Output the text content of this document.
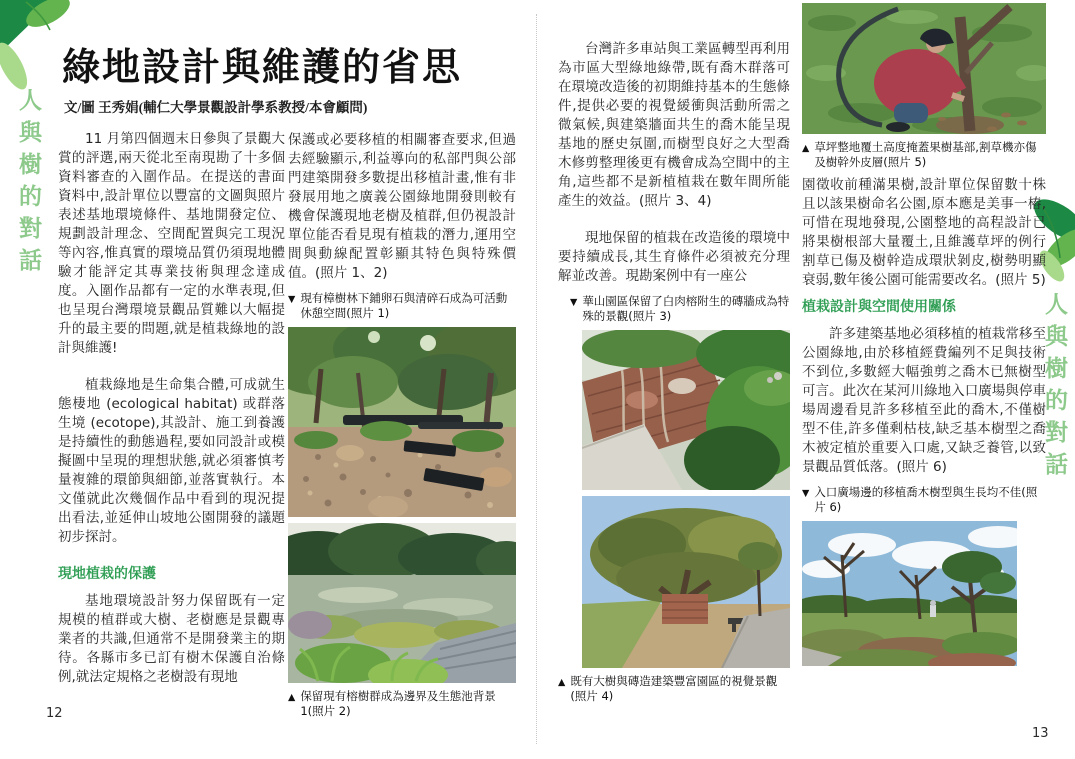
人與樹的對話
人與樹的對話
綠地設計與維護的省思

文/圖 王秀娟(輔仁大學景觀設計學系教授/本會顧問)

11 月第四個週末日參與了景觀大賞的評選,兩天從北至南現勘了十多個資料審查的入圍作品。在提送的書面資料中,設計單位以豐富的文圖與照片表述基地環境條件、基地開發定位、規劃設計理念、空間配置與完工現況等內容,惟真實的環境品質仍須現地體驗才能評定其專業技術與理念達成度。入圍作品都有一定的水準表現,但也呈現台灣環境景觀品質難以大幅提升的最主要的問題,就是植栽綠地的設計與維護!

植栽綠地是生命集合體,可成就生態棲地 (ecological habitat) 或群落生境 (ecotope),其設計、施工到養護是持續性的動態過程,要如同設計或模擬圖中呈現的理想狀態,就必須審慎考量複雜的環節與細節,並落實執行。本文僅就此次幾個作品中看到的現況提出看法,並延伸山坡地公園開發的議題初步探討。

現地植栽的保護

基地環境設計努力保留既有一定規模的植群或大樹、老樹應是景觀專業者的共識,但通常不是開發業主的期待。各縣市多已訂有樹木保護自治條例,就法定規格之老樹設有現地

保護或必要移植的相關審查要求,但過去經驗顯示,利益導向的私部門與公部門建築開發多數提出移植計畫,惟有非發展用地之廣義公園綠地開發則較有機會保護現地老樹及植群,但仍視設計單位能否看見現有植栽的潛力,運用空間與動線配置彰顯其特色與特殊價值。(照片 1、2)

▼ 現有樟樹林下鋪卵石與清碎石成為可活動休憩空間(照片 1)
▲ 保留現有榕樹群成為邊界及生態池背景 1(照片 2)
12

台灣許多車站與工業區轉型再利用為市區大型綠地綠帶,既有喬木群落可在環境改造後的初期維持基本的生態條件,提供必要的視覺緩衝與活動所需之微氣候,與建築牆面共生的喬木能呈現基地的歷史氛圍,而樹型良好之大型喬木修剪整理後更有機會成為空間中的主角,這些都不是新植植栽在數年間所能產生的效益。(照片 3、4)

現地保留的植栽在改造後的環境中要持續成長,其生育條件必須被充分理解並改善。現勘案例中有一座公

▼ 華山園區保留了白肉榕附生的磚牆成為特殊的景觀(照片 3)
▲ 既有大樹與磚造建築豐富園區的視覺景觀(照片 4)
▲ 草坪整地覆土高度掩蓋果樹基部,割草機亦傷及樹幹外皮層(照片 5)

園徵收前種滿果樹,設計單位保留數十株且以該果樹命名公園,原本應是美事一樁,可惜在現地發現,公園整地的高程設計已將果樹根部大量覆土,且維護草坪的例行割草已傷及樹幹造成環狀剝皮,樹勢明顯衰弱,數年後公園可能需要改名。(照片 5)

植栽設計與空間使用關係

許多建築基地必須移植的植栽常移至公園綠地,由於移植經費編列不足與技術不到位,多數經大幅強剪之喬木已無樹型可言。此次在某河川綠地入口廣場與停車場周邊看見許多移植至此的喬木,不僅樹型不佳,許多僅剩枯枝,缺乏基本樹型之喬木被定植於重要入口處,又缺乏養管,以致景觀品質低落。(照片 6)

▼ 入口廣場邊的移植喬木樹型與生長均不佳(照片 6)
13
